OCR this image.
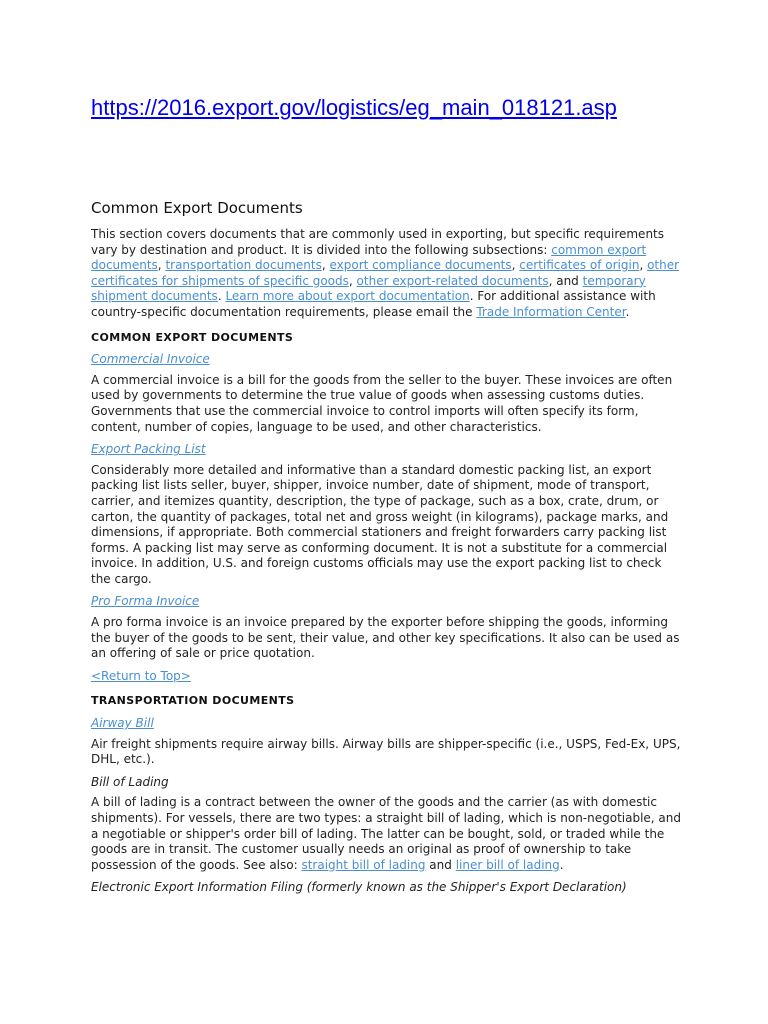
https://2016.export.gov/logistics/eg_main_018121.asp
Common Export Documents

This section covers documents that are commonly used in exporting, but specific requirements vary by destination and product. It is divided into the following subsections: common export documents, transportation documents, export compliance documents, certificates of origin, other certificates for shipments of specific goods, other export-related documents, and temporary shipment documents. Learn more about export documentation. For additional assistance with country-specific documentation requirements, please email the Trade Information Center.

COMMON EXPORT DOCUMENTS
Commercial Invoice

A commercial invoice is a bill for the goods from the seller to the buyer. These invoices are often used by governments to determine the true value of goods when assessing customs duties. Governments that use the commercial invoice to control imports will often specify its form, content, number of copies, language to be used, and other characteristics.

Export Packing List

Considerably more detailed and informative than a standard domestic packing list, an export packing list lists seller, buyer, shipper, invoice number, date of shipment, mode of transport, carrier, and itemizes quantity, description, the type of package, such as a box, crate, drum, or carton, the quantity of packages, total net and gross weight (in kilograms), package marks, and dimensions, if appropriate. Both commercial stationers and freight forwarders carry packing list forms. A packing list may serve as conforming document. It is not a substitute for a commercial invoice. In addition, U.S. and foreign customs officials may use the export packing list to check the cargo.

Pro Forma Invoice

A pro forma invoice is an invoice prepared by the exporter before shipping the goods, informing the buyer of the goods to be sent, their value, and other key specifications. It also can be used as an offering of sale or price quotation.

<Return to Top>
TRANSPORTATION DOCUMENTS
Airway Bill

Air freight shipments require airway bills. Airway bills are shipper-specific (i.e., USPS, Fed-Ex, UPS, DHL, etc.).

Bill of Lading

A bill of lading is a contract between the owner of the goods and the carrier (as with domestic shipments). For vessels, there are two types: a straight bill of lading, which is non-negotiable, and a negotiable or shipper's order bill of lading. The latter can be bought, sold, or traded while the goods are in transit. The customer usually needs an original as proof of ownership to take possession of the goods. See also: straight bill of lading and liner bill of lading.

Electronic Export Information Filing (formerly known as the Shipper's Export Declaration)
